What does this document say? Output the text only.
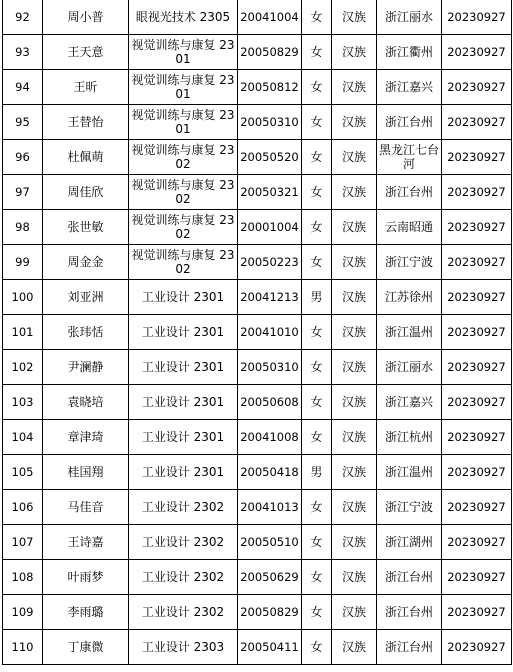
92	周小普	眼视光技术 2305	20041004	女	汉族	浙江丽水	20230927
93	王天意	视觉训练与康复 2301	20050829	女	汉族	浙江衢州	20230927
94	王昕	视觉训练与康复 2301	20050812	女	汉族	浙江嘉兴	20230927
95	王替怡	视觉训练与康复 2301	20050310	女	汉族	浙江台州	20230927
96	杜佩萌	视觉训练与康复 2302	20050520	女	汉族	黑龙江七台河	20230927
97	周佳欣	视觉训练与康复 2302	20050321	女	汉族	浙江台州	20230927
98	张世敏	视觉训练与康复 2302	20001004	女	汉族	云南昭通	20230927
99	周金金	视觉训练与康复 2302	20050223	女	汉族	浙江宁波	20230927
100	刘亚洲	工业设计 2301	20041213	男	汉族	江苏徐州	20230927
101	张玮恬	工业设计 2301	20041010	女	汉族	浙江温州	20230927
102	尹澜静	工业设计 2301	20050310	女	汉族	浙江丽水	20230927
103	袁晓培	工业设计 2301	20050608	女	汉族	浙江嘉兴	20230927
104	章津琦	工业设计 2301	20041008	女	汉族	浙江杭州	20230927
105	桂国翔	工业设计 2301	20050418	男	汉族	浙江温州	20230927
106	马佳音	工业设计 2302	20041013	女	汉族	浙江宁波	20230927
107	王诗嘉	工业设计 2302	20050510	女	汉族	浙江湖州	20230927
108	叶雨梦	工业设计 2302	20050629	女	汉族	浙江台州	20230927
109	李雨璐	工业设计 2302	20050829	女	汉族	浙江台州	20230927
110	丁康微	工业设计 2303	20050411	女	汉族	浙江台州	20230927
